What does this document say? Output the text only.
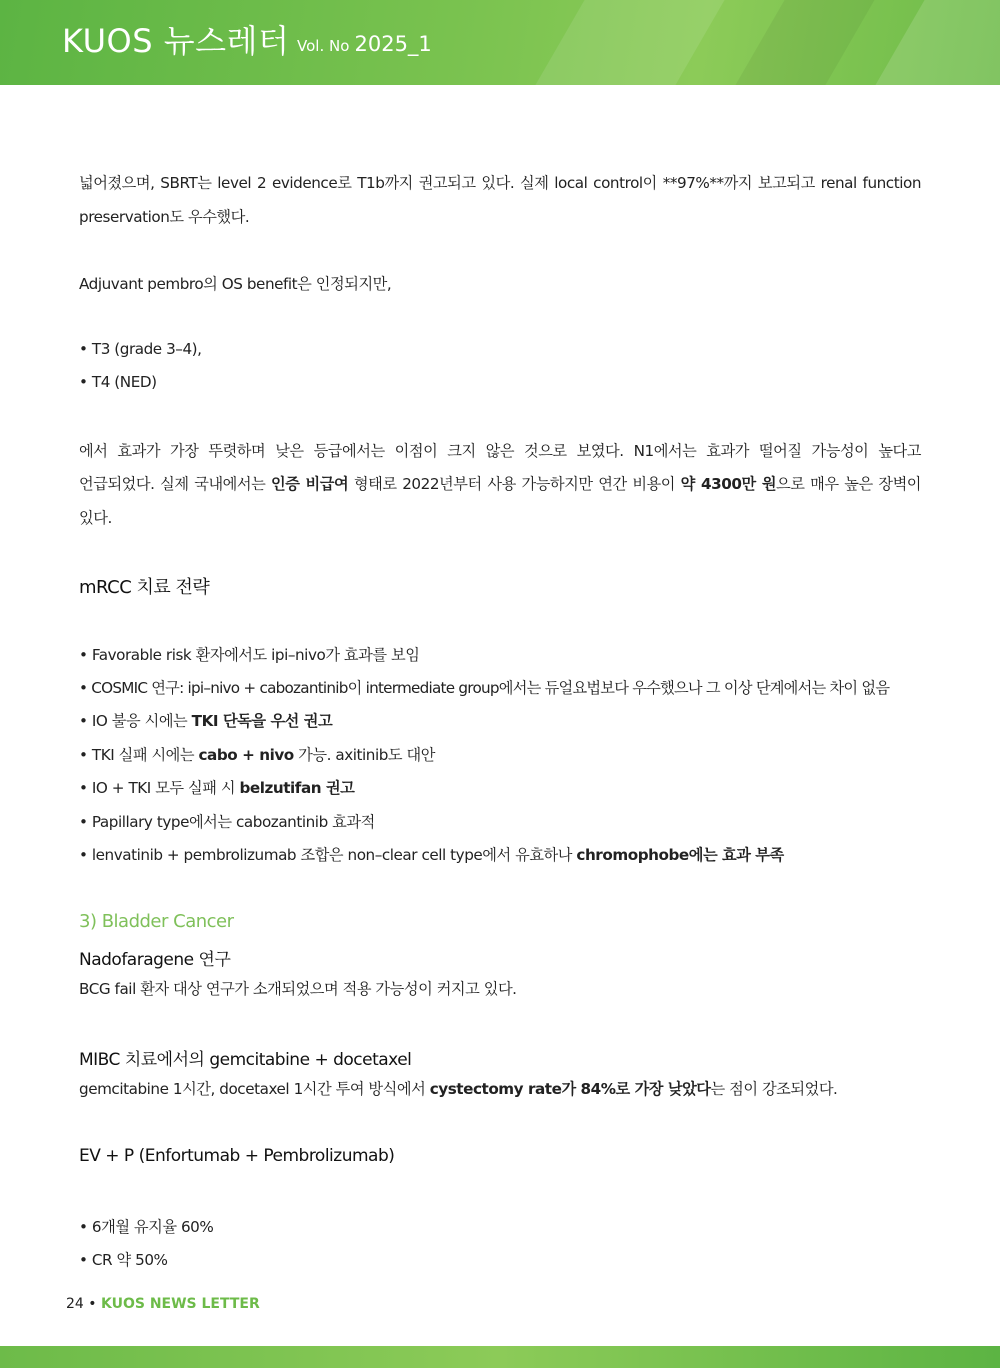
KUOS 뉴스레터 Vol. No 2025_1
넓어졌으며, SBRT는 level 2 evidence로 T1b까지 권고되고 있다. 실제 local control이 **97%**까지 보고되고 renal function
preservation도 우수했다.
Adjuvant pembro의 OS benefit은 인정되지만,
• T3 (grade 3–4),
• T4 (NED)
에서 효과가 가장 뚜렷하며 낮은 등급에서는 이점이 크지 않은 것으로 보였다. N1에서는 효과가 떨어질 가능성이 높다고
언급되었다. 실제 국내에서는 인증 비급여 형태로 2022년부터 사용 가능하지만 연간 비용이 약 4300만 원으로 매우 높은 장벽이
있다.
mRCC 치료 전략
• Favorable risk 환자에서도 ipi–nivo가 효과를 보임
• COSMIC 연구: ipi–nivo + cabozantinib이 intermediate group에서는 듀얼요법보다 우수했으나 그 이상 단계에서는 차이 없음
• IO 불응 시에는 TKI 단독을 우선 권고
• TKI 실패 시에는 cabo + nivo 가능. axitinib도 대안
• IO + TKI 모두 실패 시 belzutifan 권고
• Papillary type에서는 cabozantinib 효과적
• lenvatinib + pembrolizumab 조합은 non–clear cell type에서 유효하나 chromophobe에는 효과 부족
3) Bladder Cancer
Nadofaragene 연구
BCG fail 환자 대상 연구가 소개되었으며 적용 가능성이 커지고 있다.
MIBC 치료에서의 gemcitabine + docetaxel
gemcitabine 1시간, docetaxel 1시간 투여 방식에서 cystectomy rate가 84%로 가장 낮았다는 점이 강조되었다.
EV + P (Enfortumab + Pembrolizumab)
• 6개월 유지율 60%
• CR 약 50%
24 • KUOS NEWS LETTER
